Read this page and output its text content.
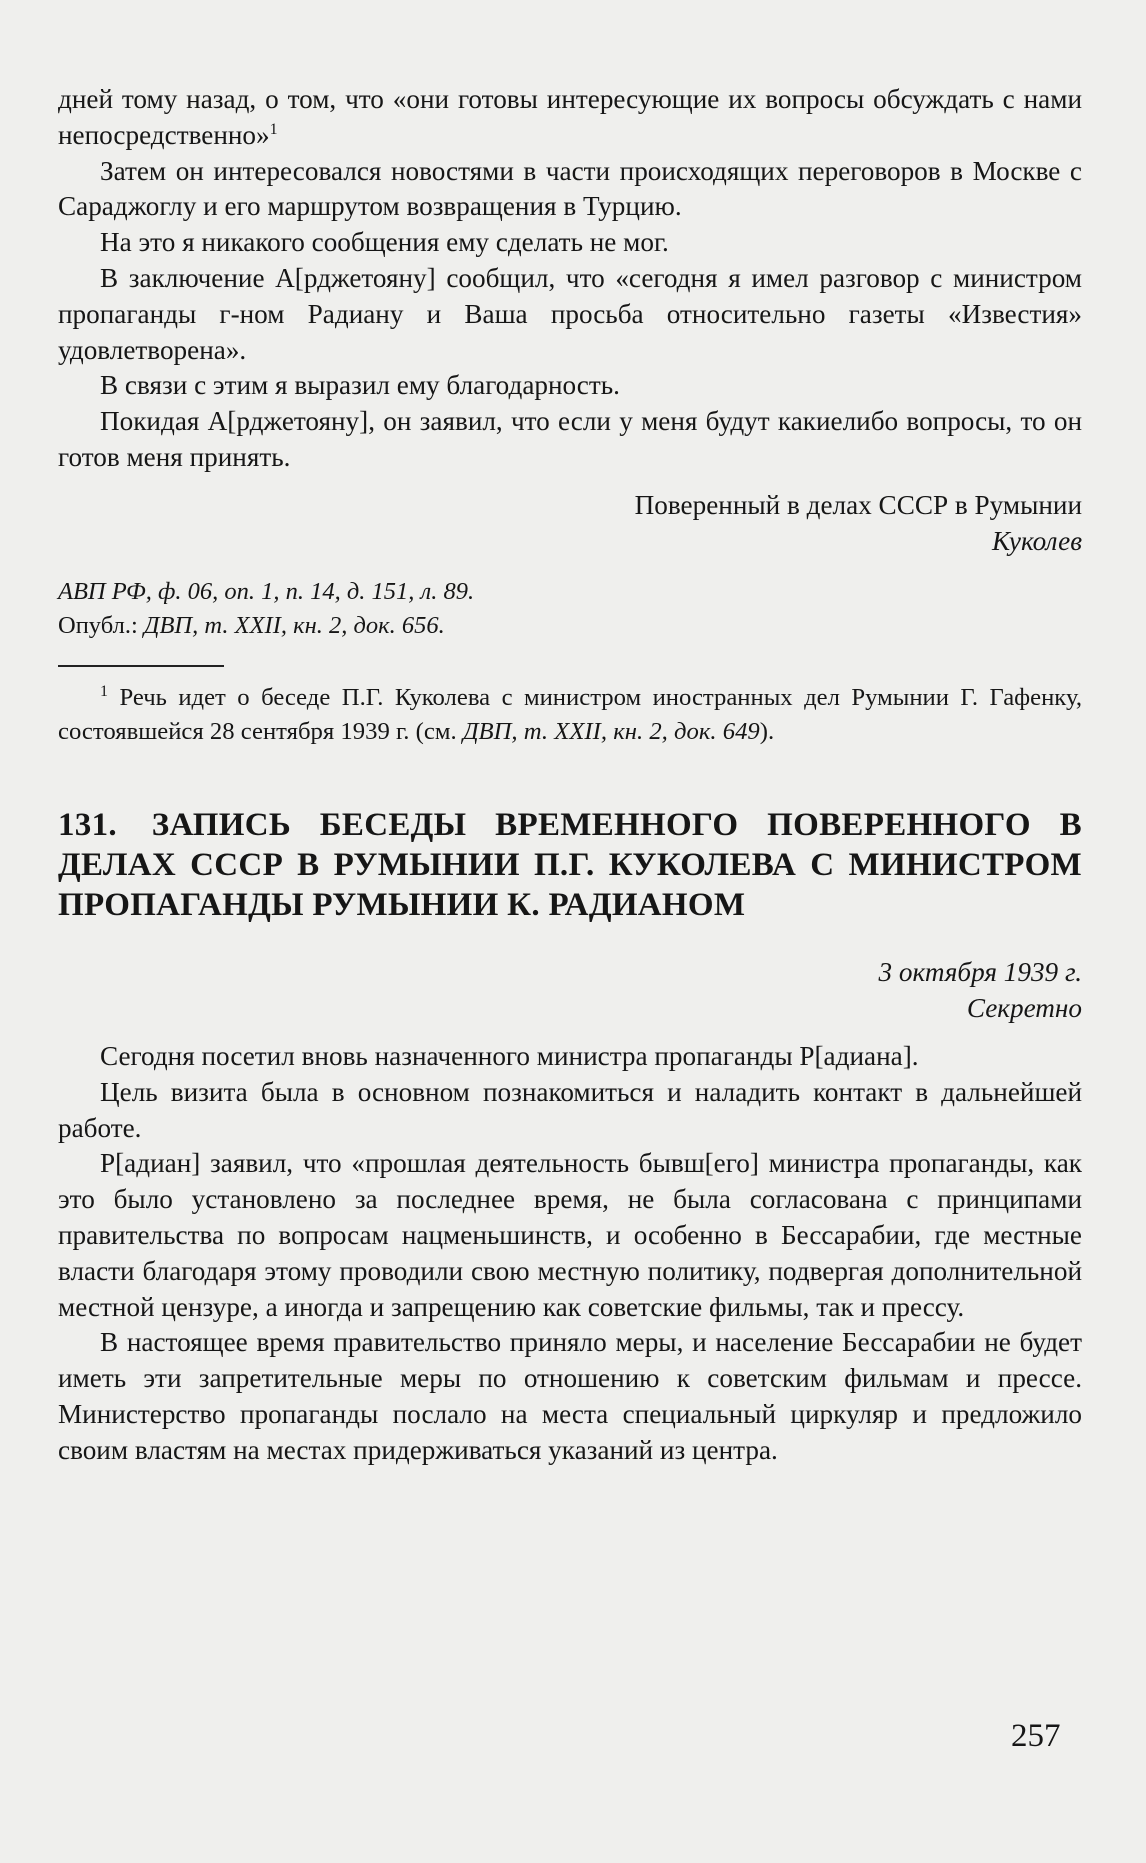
дней тому назад, о том, что «они готовы интересующие их вопросы обсуждать с нами непосредственно»$^1$

Затем он интересовался новостями в части происходящих переговоров в Москве с Сараджоглу и его маршрутом возвращения в Турцию.

На это я никакого сообщения ему сделать не мог.

В заключение А[рджетояну] сообщил, что «сегодня я имел разговор с министром пропаганды г-ном Радиану и Ваша просьба относительно газеты «Известия» удовлетворена».

В связи с этим я выразил ему благодарность.

Покидая А[рджетояну], он заявил, что если у меня будут какиелибо вопросы, то он готов меня принять.

Поверенный в делах СССР в Румынии

Куколев

АВП РФ, ф. 06, оп. 1, п. 14, д. 151, л. 89.

Опубл.: ДВП, т. XXII, кн. 2, док. 656.

$^1$ Речь идет о беседе П.Г. Куколева с министром иностранных дел Румынии Г. Гафенку, состоявшейся 28 сентября 1939 г. (см. ДВП, т. XXII, кн. 2, док. 649).

131. ЗАПИСЬ БЕСЕДЫ ВРЕМЕННОГО ПОВЕРЕННОГО В ДЕЛАХ СССР В РУМЫНИИ П.Г. КУКОЛЕВА С МИНИСТРОМ ПРОПАГАНДЫ РУМЫНИИ К. РАДИАНОМ

3 октября 1939 г.

Секретно

Сегодня посетил вновь назначенного министра пропаганды Р[адиана].

Цель визита была в основном познакомиться и наладить контакт в дальнейшей работе.

Р[адиан] заявил, что «прошлая деятельность бывш[его] министра пропаганды, как это было установлено за последнее время, не была согласована с принципами правительства по вопросам нацменьшинств, и особенно в Бессарабии, где местные власти благодаря этому проводили свою местную политику, подвергая дополнительной местной цензуре, а иногда и запрещению как советские фильмы, так и прессу.

В настоящее время правительство приняло меры, и население Бессарабии не будет иметь эти запретительные меры по отношению к советским фильмам и прессе. Министерство пропаганды послало на места специальный циркуляр и предложило своим властям на местах придерживаться указаний из центра.

257
